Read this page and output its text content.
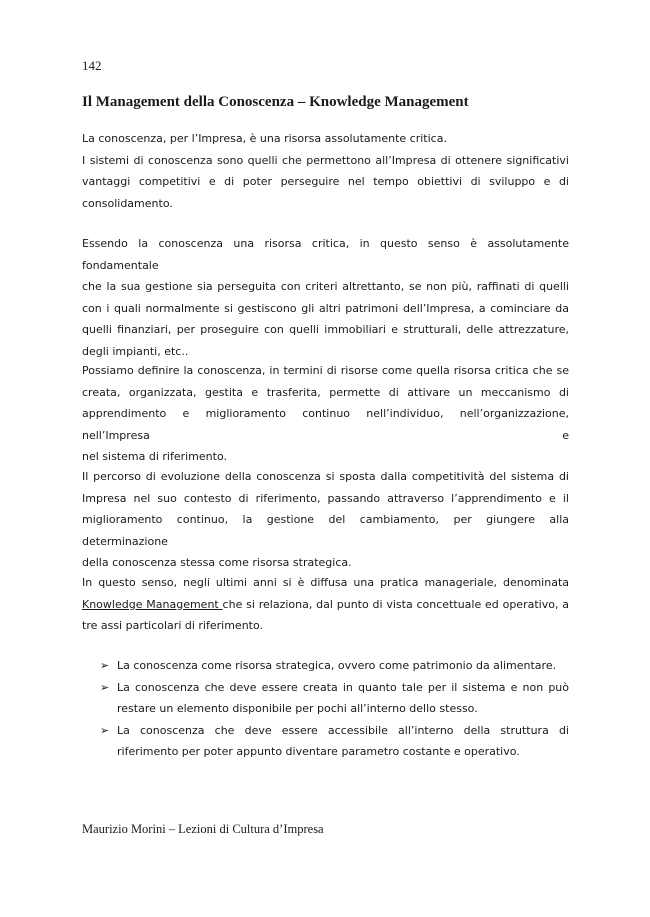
142
Il Management della Conoscenza – Knowledge Management
La conoscenza, per l’Impresa, è una risorsa assolutamente critica.
I sistemi di conoscenza sono quelli che permettono all’Impresa di ottenere significativi
vantaggi competitivi e di poter perseguire nel tempo obiettivi di sviluppo e di
consolidamento.
Essendo la conoscenza una risorsa critica, in questo senso è assolutamente fondamentale
che la sua gestione sia perseguita con criteri altrettanto, se non più, raffinati di quelli
con i quali normalmente si gestiscono gli altri patrimoni dell’Impresa, a cominciare da
quelli finanziari, per proseguire con quelli immobiliari e strutturali, delle attrezzature,
degli impianti, etc..
Possiamo definire la conoscenza, in termini di risorse come quella risorsa critica che se
creata, organizzata, gestita e trasferita, permette di attivare un meccanismo di
apprendimento e miglioramento continuo nell’individuo, nell’organizzazione, nell’Impresa e
nel sistema di riferimento.
Il percorso di evoluzione della conoscenza si sposta dalla competitività del sistema di
Impresa nel suo contesto di riferimento, passando attraverso l’apprendimento e il
miglioramento continuo, la gestione del cambiamento, per giungere alla determinazione
della conoscenza stessa come risorsa strategica.
In questo senso, negli ultimi anni si è diffusa una pratica manageriale, denominata
Knowledge Management che si relaziona, dal punto di vista concettuale ed operativo, a
tre assi particolari di riferimento.
➢ La conoscenza come risorsa strategica, ovvero come patrimonio da alimentare.
➢ La conoscenza che deve essere creata in quanto tale per il sistema e non può restare un elemento disponibile per pochi all’interno dello stesso.
➢ La conoscenza che deve essere accessibile all’interno della struttura di riferimento per poter appunto diventare parametro costante e operativo.
Maurizio Morini – Lezioni di Cultura d’Impresa
